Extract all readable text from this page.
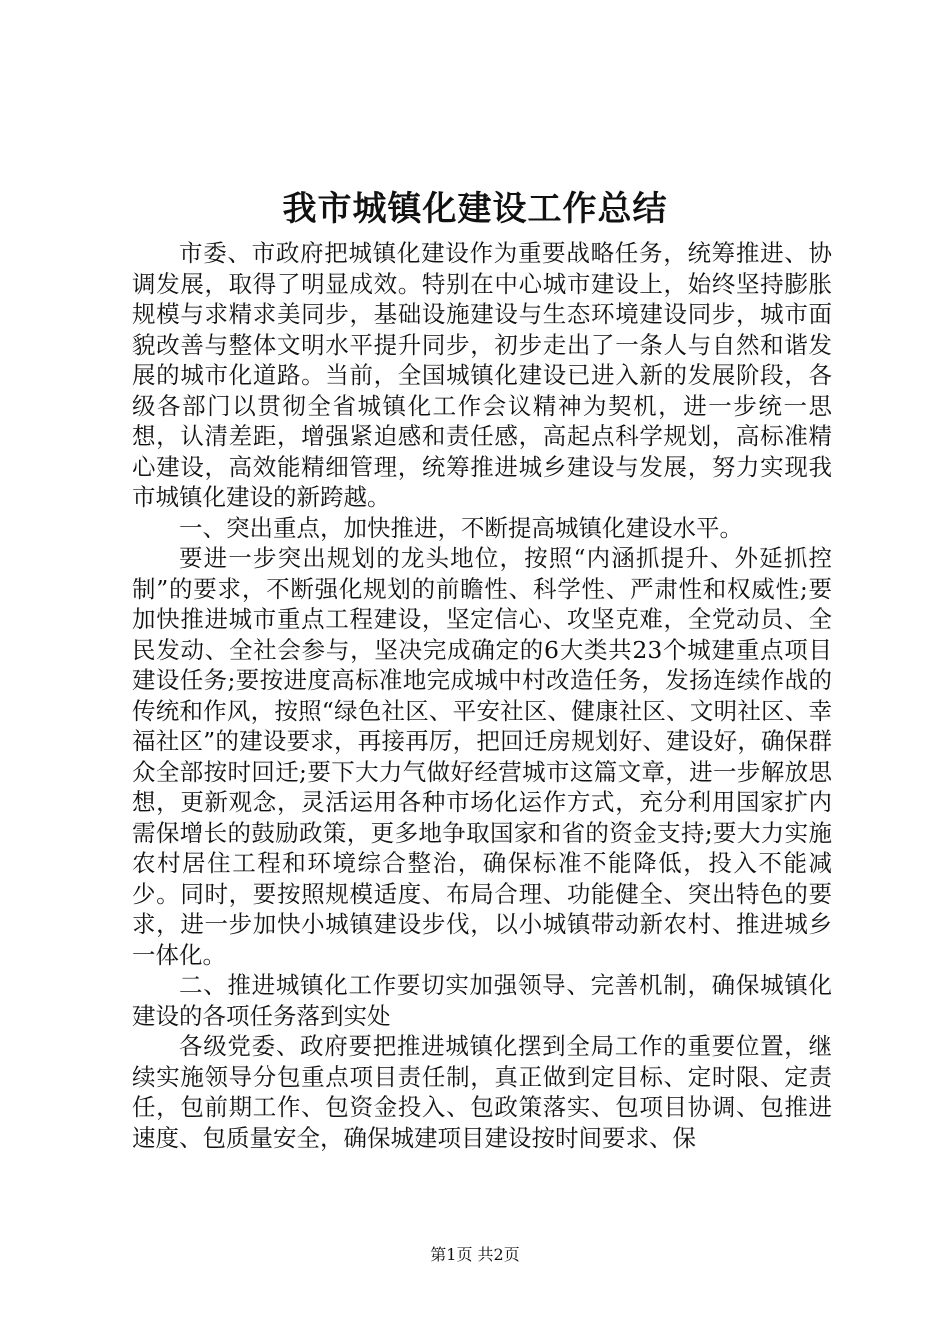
我市城镇化建设工作总结

市委、市政府把城镇化建设作为重要战略任务，统筹推进、协调发展，取得了明显成效。特别在中心城市建设上，始终坚持膨胀规模与求精求美同步，基础设施建设与生态环境建设同步，城市面貌改善与整体文明水平提升同步，初步走出了一条人与自然和谐发展的城市化道路。当前，全国城镇化建设已进入新的发展阶段，各级各部门以贯彻全省城镇化工作会议精神为契机，进一步统一思想，认清差距，增强紧迫感和责任感，高起点科学规划，高标准精心建设，高效能精细管理，统筹推进城乡建设与发展，努力实现我市城镇化建设的新跨越。

一、突出重点，加快推进，不断提高城镇化建设水平。

要进一步突出规划的龙头地位，按照“内涵抓提升、外延抓控制”的要求，不断强化规划的前瞻性、科学性、严肃性和权威性;要加快推进城市重点工程建设，坚定信心、攻坚克难，全党动员、全民发动、全社会参与，坚决完成确定的6大类共23个城建重点项目建设任务;要按进度高标准地完成城中村改造任务，发扬连续作战的传统和作风，按照“绿色社区、平安社区、健康社区、文明社区、幸福社区”的建设要求，再接再厉，把回迁房规划好、建设好，确保群众全部按时回迁;要下大力气做好经营城市这篇文章，进一步解放思想，更新观念，灵活运用各种市场化运作方式，充分利用国家扩内需保增长的鼓励政策，更多地争取国家和省的资金支持;要大力实施农村居住工程和环境综合整治，确保标准不能降低，投入不能减少。同时，要按照规模适度、布局合理、功能健全、突出特色的要求，进一步加快小城镇建设步伐，以小城镇带动新农村、推进城乡一体化。

二、推进城镇化工作要切实加强领导、完善机制，确保城镇化建设的各项任务落到实处

各级党委、政府要把推进城镇化摆到全局工作的重要位置，继续实施领导分包重点项目责任制，真正做到定目标、定时限、定责任，包前期工作、包资金投入、包政策落实、包项目协调、包推进速度、包质量安全，确保城建项目建设按时间要求、保

第1页 共2页
